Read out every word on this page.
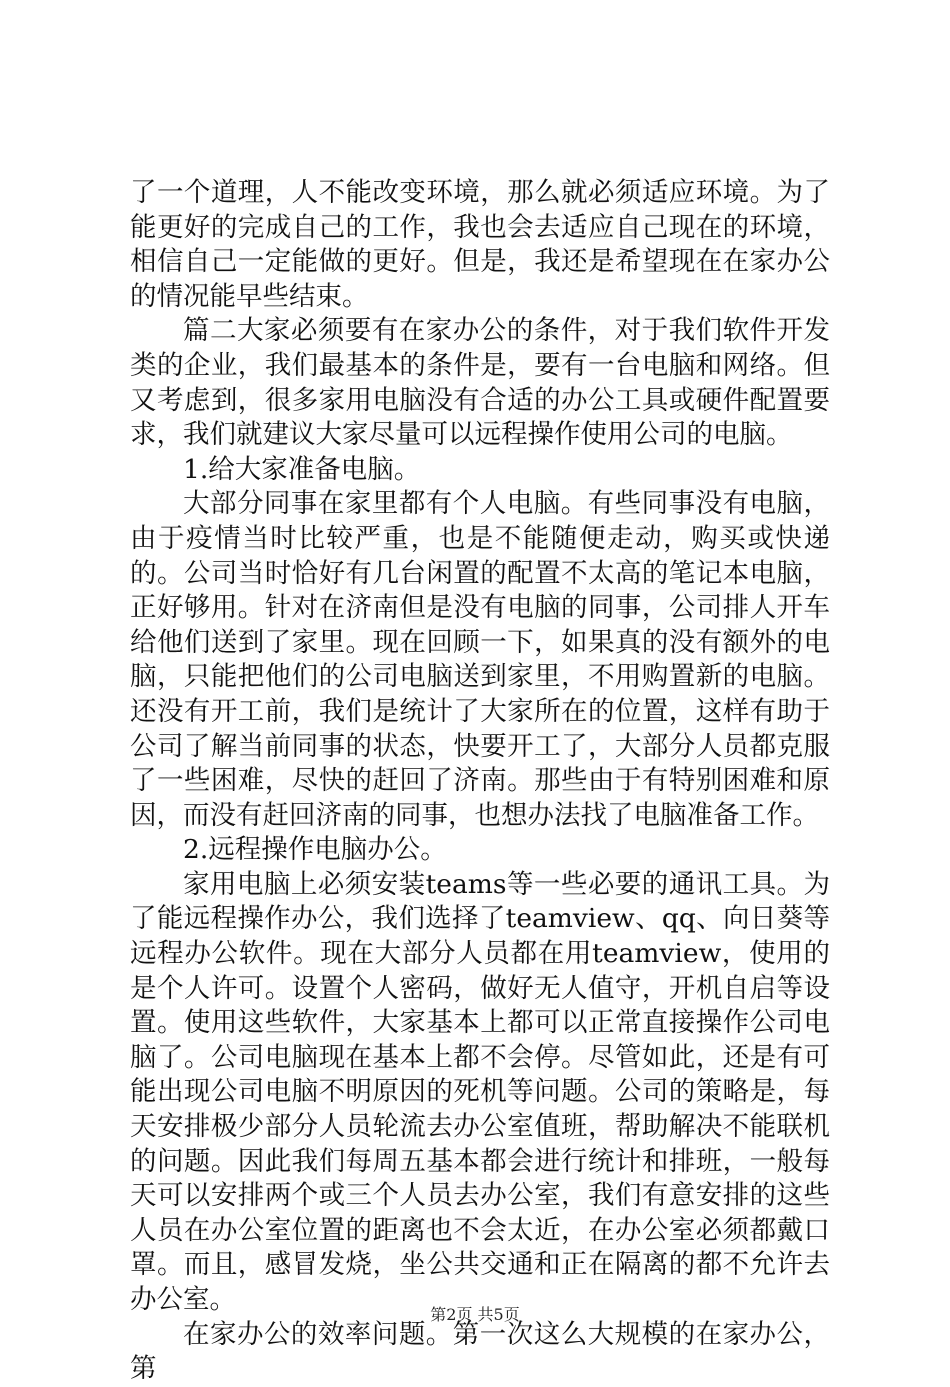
了一个道理，人不能改变环境，那么就必须适应环境。为了能更好的完成自己的工作，我也会去适应自己现在的环境，相信自己一定能做的更好。但是，我还是希望现在在家办公的情况能早些结束。

篇二大家必须要有在家办公的条件，对于我们软件开发类的企业，我们最基本的条件是，要有一台电脑和网络。但又考虑到，很多家用电脑没有合适的办公工具或硬件配置要求，我们就建议大家尽量可以远程操作使用公司的电脑。

1.给大家准备电脑。

大部分同事在家里都有个人电脑。有些同事没有电脑，由于疫情当时比较严重，也是不能随便走动，购买或快递的。公司当时恰好有几台闲置的配置不太高的笔记本电脑，正好够用。针对在济南但是没有电脑的同事，公司排人开车给他们送到了家里。现在回顾一下，如果真的没有额外的电脑，只能把他们的公司电脑送到家里，不用购置新的电脑。还没有开工前，我们是统计了大家所在的位置，这样有助于公司了解当前同事的状态，快要开工了，大部分人员都克服了一些困难，尽快的赶回了济南。那些由于有特别困难和原因，而没有赶回济南的同事，也想办法找了电脑准备工作。

2.远程操作电脑办公。

家用电脑上必须安装teams等一些必要的通讯工具。为了能远程操作办公，我们选择了teamview、qq、向日葵等远程办公软件。现在大部分人员都在用teamview，使用的是个人许可。设置个人密码，做好无人值守，开机自启等设置。使用这些软件，大家基本上都可以正常直接操作公司电脑了。公司电脑现在基本上都不会停。尽管如此，还是有可能出现公司电脑不明原因的死机等问题。公司的策略是，每天安排极少部分人员轮流去办公室值班，帮助解决不能联机的问题。因此我们每周五基本都会进行统计和排班，一般每天可以安排两个或三个人员去办公室，我们有意安排的这些人员在办公室位置的距离也不会太近，在办公室必须都戴口罩。而且，感冒发烧，坐公共交通和正在隔离的都不允许去办公室。

在家办公的效率问题。第一次这么大规模的在家办公，第

第2页 共5页
